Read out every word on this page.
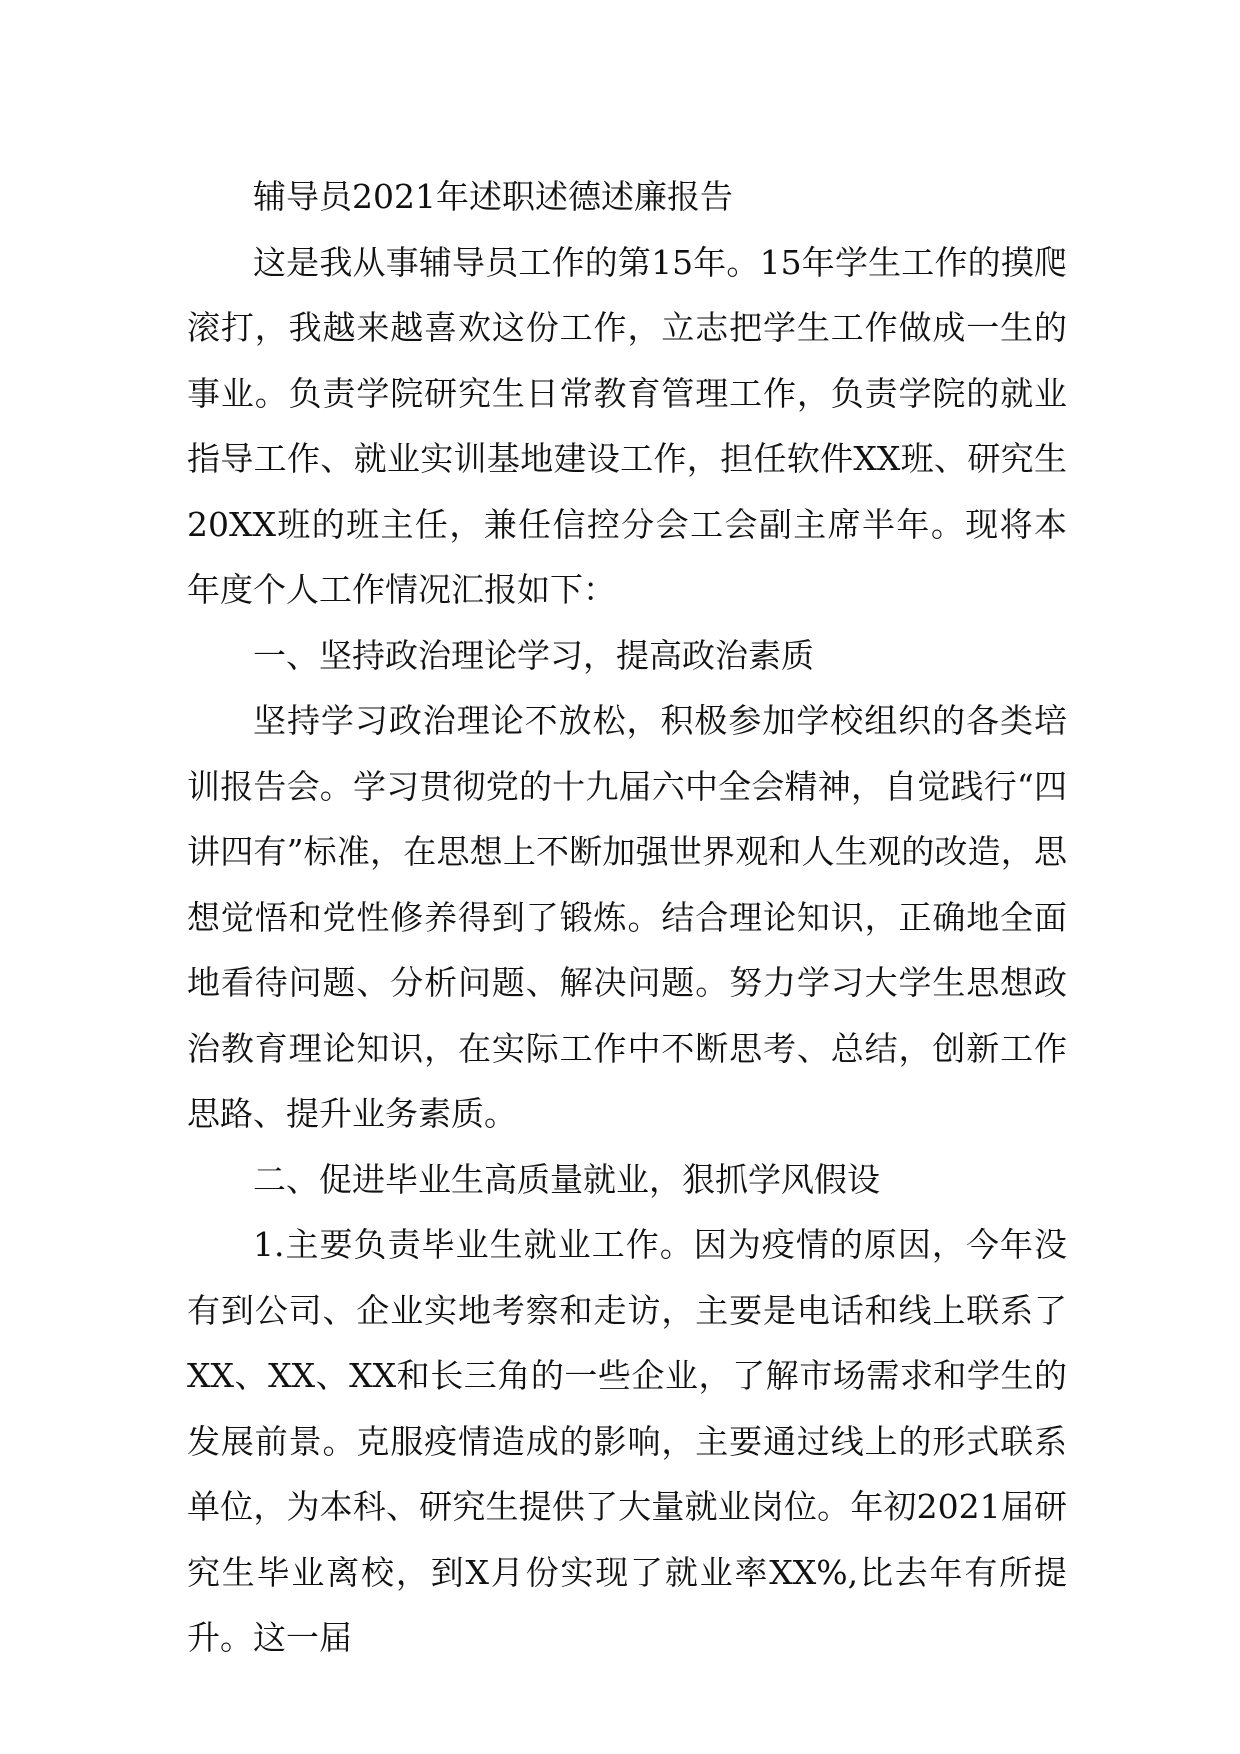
辅导员2021年述职述德述廉报告

这是我从事辅导员工作的第15年。15年学生工作的摸爬滚打，我越来越喜欢这份工作，立志把学生工作做成一生的事业。负责学院研究生日常教育管理工作，负责学院的就业指导工作、就业实训基地建设工作，担任软件XX班、研究生20XX班的班主任，兼任信控分会工会副主席半年。现将本年度个人工作情况汇报如下：

一、坚持政治理论学习，提高政治素质

坚持学习政治理论不放松，积极参加学校组织的各类培训报告会。学习贯彻党的十九届六中全会精神，自觉践行“四讲四有”标准，在思想上不断加强世界观和人生观的改造，思想觉悟和党性修养得到了锻炼。结合理论知识，正确地全面地看待问题、分析问题、解决问题。努力学习大学生思想政治教育理论知识，在实际工作中不断思考、总结，创新工作思路、提升业务素质。

二、促进毕业生高质量就业，狠抓学风假设

1.主要负责毕业生就业工作。因为疫情的原因，今年没有到公司、企业实地考察和走访，主要是电话和线上联系了XX、XX、XX和长三角的一些企业，了解市场需求和学生的发展前景。克服疫情造成的影响，主要通过线上的形式联系单位，为本科、研究生提供了大量就业岗位。年初2021届研究生毕业离校，到X月份实现了就业率XX%,比去年有所提升。这一届
